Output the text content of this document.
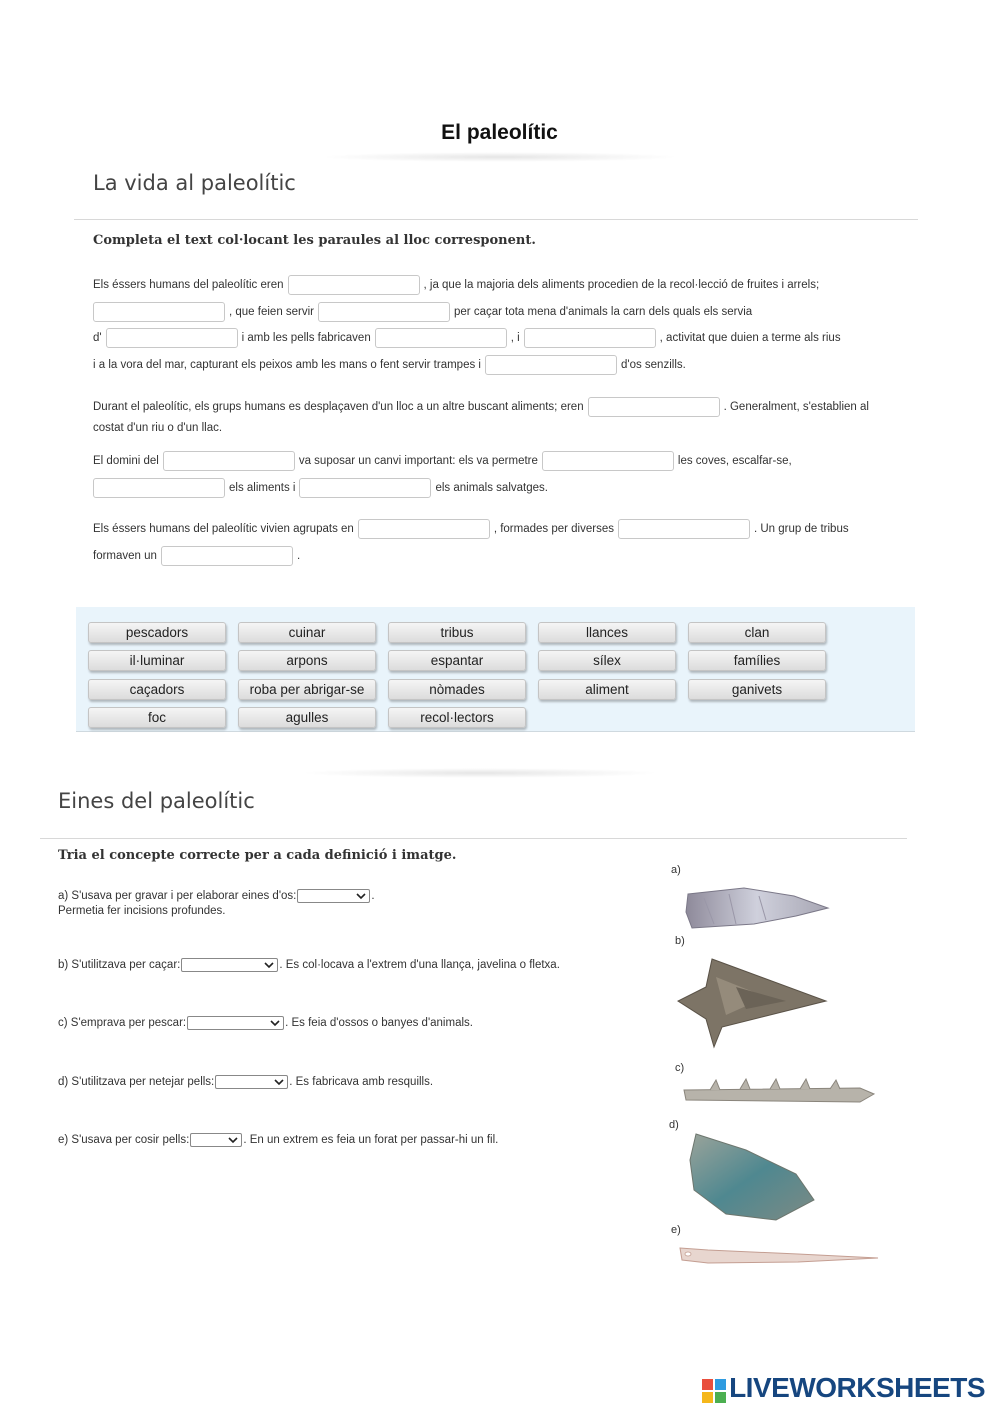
El paleolític
La vida al paleolític
Completa el text col·locant les paraules al lloc corresponent.
Els éssers humans del paleolític eren	, ja que la majoria dels aliments procedien de la recol·lecció de fruites i arrels;
, que feien servir	per caçar tota mena d'animals la carn dels quals els servia
d'	i amb les pells fabricaven	, i	, activitat que duien a terme als rius
i a la vora del mar, capturant els peixos amb les mans o fent servir trampes i	d'os senzills.
Durant el paleolític, els grups humans es desplaçaven d'un lloc a un altre buscant aliments; eren	. Generalment, s'establien al
costat d'un riu o d'un llac.
El domini del	va suposar un canvi important: els va permetre	les coves, escalfar-se,
els aliments i	els animals salvatges.
Els éssers humans del paleolític vivien agrupats en	, formades per diverses	. Un grup de tribus
formaven un	.
pescadors	cuinar	tribus	llances	clan
il·luminar	arpons	espantar	sílex	famílies
caçadors	roba per abrigar-se	nòmades	aliment	ganivets
foc	agulles	recol·lectors
Eines del paleolític
Tria el concepte correcte per a cada definició i imatge.
a) S'usava per gravar i per elaborar eines d'os:	.
Permetia fer incisions profundes.
b) S'utilitzava per caçar:	. Es col·locava a l'extrem d'una llança, javelina o fletxa.
c) S'emprava per pescar:	. Es feia d'ossos o banyes d'animals.
d) S'utilitzava per netejar pells:	. Es fabricava amb resquills.
e) S'usava per cosir pells:	. En un extrem es feia un forat per passar-hi un fil.
a)
b)
c)
d)
e)
LIVEWORKSHEETS
